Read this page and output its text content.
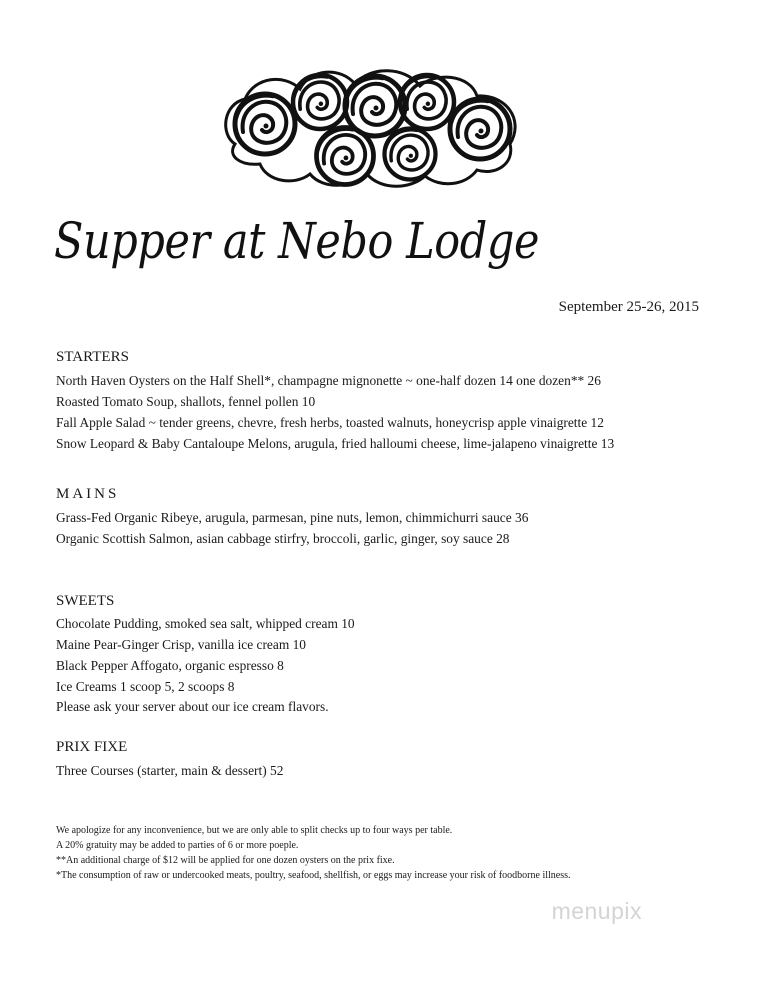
Supper at Nebo Lodge
September 25-26, 2015
STARTERS
North Haven Oysters on the Half Shell*, champagne mignonette ~ one-half dozen 14 one dozen** 26
Roasted Tomato Soup, shallots, fennel pollen 10
Fall Apple Salad ~ tender greens, chevre, fresh herbs, toasted walnuts, honeycrisp apple vinaigrette 12
Snow Leopard & Baby Cantaloupe Melons, arugula, fried halloumi cheese, lime-jalapeno vinaigrette 13
MAINS
Grass-Fed Organic Ribeye, arugula, parmesan, pine nuts, lemon, chimmichurri sauce 36
Organic Scottish Salmon, asian cabbage stirfry, broccoli, garlic, ginger, soy sauce 28
SWEETS
Chocolate Pudding, smoked sea salt, whipped cream 10
Maine Pear-Ginger Crisp, vanilla ice cream 10
Black Pepper Affogato, organic espresso 8
Ice Creams 1 scoop 5, 2 scoops 8
Please ask your server about our ice cream flavors.
PRIX FIXE
Three Courses (starter, main & dessert) 52
We apologize for any inconvenience, but we are only able to split checks up to four ways per table.
A 20% gratuity may be added to parties of 6 or more poeple.
**An additional charge of $12 will be applied for one dozen oysters on the prix fixe.
*The consumption of raw or undercooked meats, poultry, seafood, shellfish, or eggs may increase your risk of foodborne illness.
menupix
